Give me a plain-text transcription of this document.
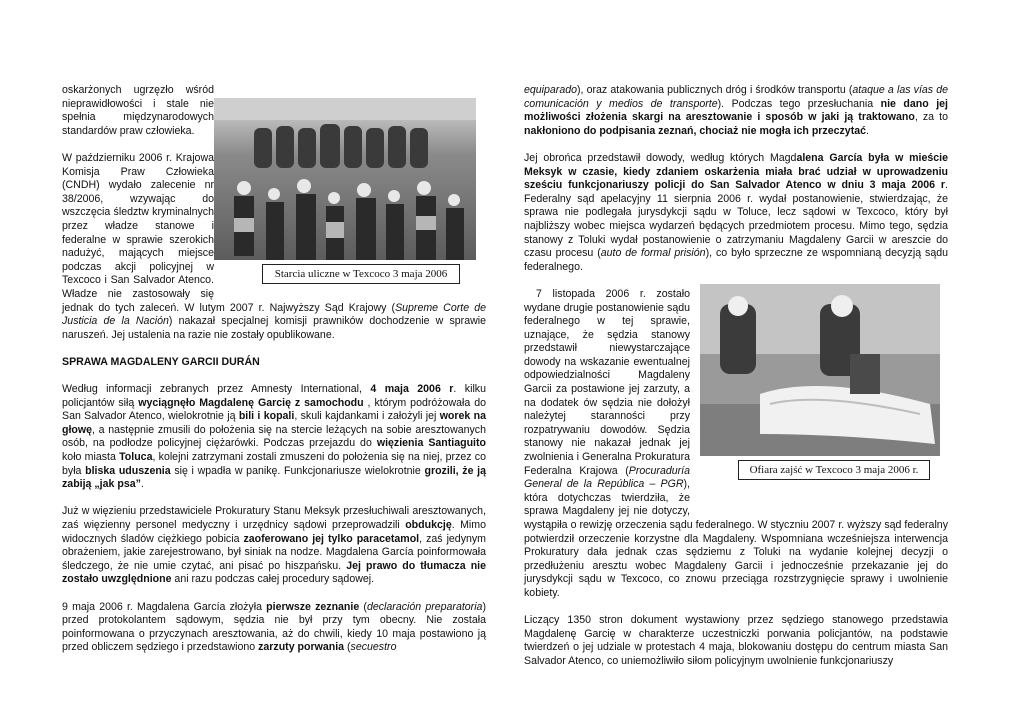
oskarżonych ugrzęzło wśród nieprawidłowości i stale nie spełnia międzynarodowych standardów praw człowieka.

W październiku 2006 r. Krajowa Komisja Praw Człowieka (CNDH) wydało zalecenie nr 38/2006, wzywając do wszczęcia śledztw kryminalnych przez władze stanowe i federalne w sprawie szerokich nadużyć, mających miejsce podczas akcji policyjnej w Texcoco i San Salvador Atenco. Władze nie zastosowały się jednak do tych zaleceń. W lutym 2007 r. Najwyższy Sąd Krajowy (Supreme Corte de Justicia de la Nación) nakazał specjalnej komisji prawników dochodzenie w sprawie naruszeń. Jej ustalenia na razie nie zostały opublikowane.

SPRAWA MAGDALENY GARCII DURÁN

Według informacji zebranych przez Amnesty International, 4 maja 2006 r. kilku policjantów siłą wyciągnęło Magdalenę Garcię z samochodu , którym podróżowała do San Salvador Atenco, wielokrotnie ją bili i kopali, skuli kajdankami i założyli jej worek na głowę, a następnie zmusili do położenia się na stercie leżących na sobie aresztowanych osób, na podłodze policyjnej ciężarówki. Podczas przejazdu do więzienia Santiaguito koło miasta Toluca, kolejni zatrzymani zostali zmuszeni do położenia się na niej, przez co była bliska uduszenia się i wpadła w panikę. Funkcjonariusze wielokrotnie grozili, że ją zabiją „jak psa”.

Już w więzieniu przedstawiciele Prokuratury Stanu Meksyk przesłuchiwali aresztowanych, zaś więzienny personel medyczny i urzędnicy sądowi przeprowadzili obdukcję. Mimo widocznych śladów ciężkiego pobicia zaoferowano jej tylko paracetamol, zaś jedynym obrażeniem, jakie zarejestrowano, był siniak na nodze. Magdalena García poinformowała śledczego, że nie umie czytać, ani pisać po hiszpańsku. Jej prawo do tłumacza nie zostało uwzględnione ani razu podczas całej procedury sądowej.

9 maja 2006 r. Magdalena García złożyła pierwsze zeznanie (declaración preparatoria) przed protokolantem sądowym, sędzia nie był przy tym obecny. Nie została poinformowana o przyczynach aresztowania, aż do chwili, kiedy 10 maja postawiono ją przed obliczem sędziego i przedstawiono zarzuty porwania (secuestro

equiparado), oraz atakowania publicznych dróg i środków transportu (ataque a las vías de comunicación y medios de transporte). Podczas tego przesłuchania nie dano jej możliwości złożenia skargi na aresztowanie i sposób w jaki ją traktowano, za to nakłoniono do podpisania zeznań, chociaż nie mogła ich przeczytać.

Jej obrońca przedstawił dowody, według których Magdalena García była w mieście Meksyk w czasie, kiedy zdaniem oskarżenia miała brać udział w uprowadzeniu sześciu funkcjonariuszy policji do San Salvador Atenco w dniu 3 maja 2006 r. Federalny sąd apelacyjny 11 sierpnia 2006 r. wydał postanowienie, stwierdzając, że sprawa nie podlegała jurysdykcji sądu w Toluce, lecz sądowi w Texcoco, który był najbliższy wobec miejsca wydarzeń będących przedmiotem procesu. Mimo tego, sędzia stanowy z Toluki wydał postanowienie o zatrzymaniu Magdaleny Garcii w areszcie do czasu procesu (auto de formal prisión), co było sprzeczne ze wspomnianą decyzją sądu federalnego.

7 listopada 2006 r. zostało wydane drugie postanowienie sądu federalnego w tej sprawie, uznające, że sędzia stanowy przedstawił niewystarczające dowody na wskazanie ewentualnej odpowiedzialności Magdaleny Garcii za postawione jej zarzuty, a na dodatek ów sędzia nie dołożył należytej staranności przy rozpatrywaniu dowodów. Sędzia stanowy nie nakazał jednak jej zwolnienia i Generalna Prokuratura Federalna Krajowa (Procuraduría General de la República – PGR), która dotychczas twierdziła, że sprawa Magdaleny jej nie dotyczy, wystąpiła o rewizję orzeczenia sądu federalnego. W styczniu 2007 r. wyższy sąd federalny potwierdził orzeczenie korzystne dla Magdaleny. Wspomniana wcześniejsza interwencja Prokuratury dała jednak czas sędziemu z Toluki na wydanie kolejnej decyzji o przedłużeniu aresztu wobec Magdaleny Garcii i jednocześnie przekazanie jej do jurysdykcji sądu w Texcoco, co znowu przeciąga rozstrzygnięcie sprawy i uwolnienie kobiety.

Liczący 1350 stron dokument wystawiony przez sędziego stanowego przedstawia Magdalenę Garcię w charakterze uczestniczki porwania policjantów, na podstawie twierdzeń o jej udziale w protestach 4 maja, blokowaniu dostępu do centrum miasta San Salvador Atenco, co uniemożliwiło siłom policyjnym uwolnienie funkcjonariuszy

Starcia uliczne w Texcoco 3 maja 2006
Ofiara zajść w Texcoco 3 maja 2006 r.
